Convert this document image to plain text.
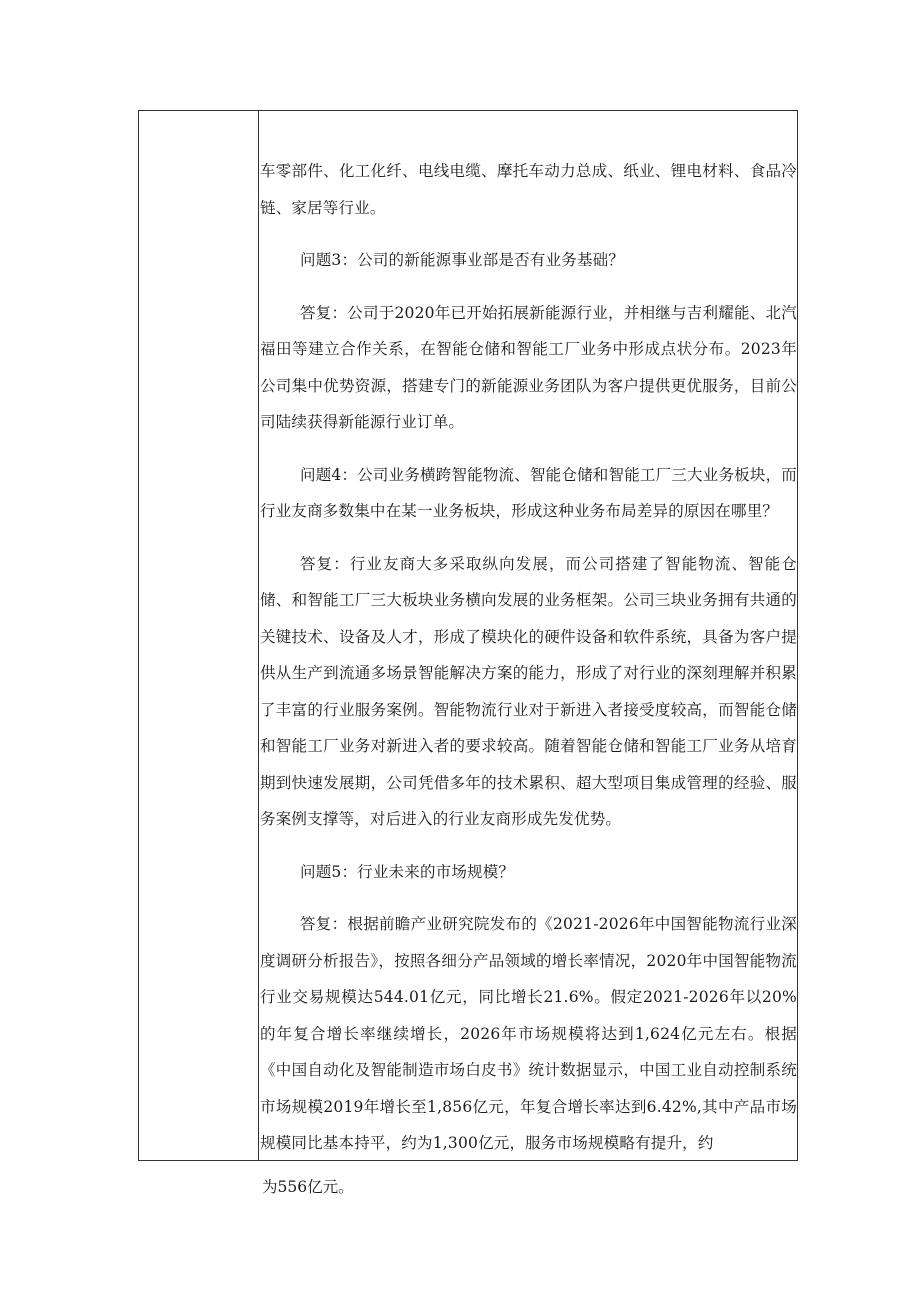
车零部件、化工化纤、电线电缆、摩托车动力总成、纸业、锂电材料、食品冷链、家居等行业。

问题3：公司的新能源事业部是否有业务基础？

答复：公司于2020年已开始拓展新能源行业，并相继与吉利耀能、北汽福田等建立合作关系，在智能仓储和智能工厂业务中形成点状分布。2023年公司集中优势资源，搭建专门的新能源业务团队为客户提供更优服务，目前公司陆续获得新能源行业订单。

问题4：公司业务横跨智能物流、智能仓储和智能工厂三大业务板块，而行业友商多数集中在某一业务板块，形成这种业务布局差异的原因在哪里？

答复：行业友商大多采取纵向发展，而公司搭建了智能物流、智能仓储、和智能工厂三大板块业务横向发展的业务框架。公司三块业务拥有共通的关键技术、设备及人才，形成了模块化的硬件设备和软件系统，具备为客户提供从生产到流通多场景智能解决方案的能力，形成了对行业的深刻理解并积累了丰富的行业服务案例。智能物流行业对于新进入者接受度较高，而智能仓储和智能工厂业务对新进入者的要求较高。随着智能仓储和智能工厂业务从培育期到快速发展期，公司凭借多年的技术累积、超大型项目集成管理的经验、服务案例支撑等，对后进入的行业友商形成先发优势。

问题5：行业未来的市场规模？

答复：根据前瞻产业研究院发布的《2021-2026年中国智能物流行业深度调研分析报告》，按照各细分产品领域的增长率情况，2020年中国智能物流行业交易规模达544.01亿元，同比增长21.6%。假定2021-2026年以20%的年复合增长率继续增长，2026年市场规模将达到1,624亿元左右。根据《中国自动化及智能制造市场白皮书》统计数据显示，中国工业自动控制系统市场规模2019年增长至1,856亿元，年复合增长率达到6.42%,其中产品市场规模同比基本持平，约为1,300亿元，服务市场规模略有提升，约

为556亿元。
